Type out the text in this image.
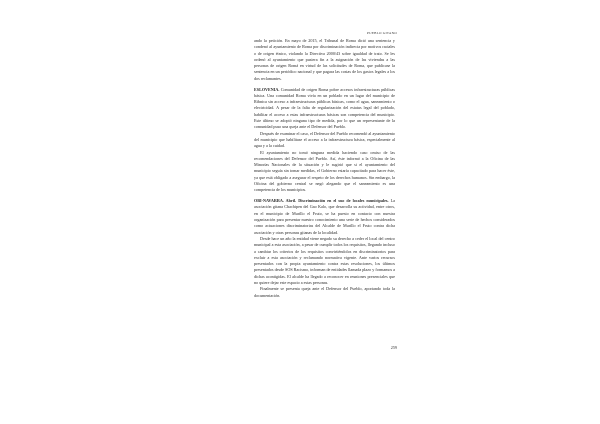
PUEBLO GITANO

ando la petición. En mayo de 2015, el Tribunal de Roma dictó una sentencia y condenó al ayuntamiento de Roma por discriminación indirecta por motivos raciales o de origen étnico, violando la Directiva 2000/43 sobre igualdad de trato. Se les ordenó al ayuntamiento que pusiera fin a la asignación de las viviendas a las personas de origen Romá en virtud de las solicitudes de Roma, que publicase la sentencia en un periódico nacional y que pagara las costas de los gastos legales a los dos reclamantes.

ESLOVENIA. Comunidad de origen Roma pobre accesos infraestructuras públicas básica. Una comunidad Roma vivía en un poblado en un lugar del municipio de Ribnica sin acceso a infraestructuras públicas básicas, como el agua, saneamiento o electricidad. A pesar de la falta de regularización del estatus legal del poblado, habilitar el acceso a estas infraestructuras básicas son competencia del municipio. Este último se adoptó ninguna tipo de medida, por lo que un representante de la comunidad puso una queja ante el Defensor del Pueblo.

Después de examinar el caso, el Defensor del Pueblo recomendó al ayuntamiento del municipio que habilitase el acceso a la infraestructura básica, especialmente al agua y a la cuidad.

El ayuntamiento no tomó ninguna medida haciendo caso omiso de las recomendaciones del Defensor del Pueblo. Así, éste informó a la Oficina de las Minorías Nacionales de la situación y le sugirió que si el ayuntamiento del municipio seguía sin tomar medidas, el Gobierno estaría capacitado para hacer éste, ya que está obligado a asegurar el respeto de los derechos humanos. Sin embargo, la Oficina del gobierno central se negó alegando que el saneamiento es una competencia de los municipios.

OBI-NAVARRA. Abril. Discriminación en el uso de locales municipales. La asociación gitana Chachipen del Gao Kalo, que desarrolla su actividad, entre otros, en el municipio de Murillo el Fruto, se ha puesto en contacto con nuestra organización para presentar nuestro conocimiento una serie de hechos considerados como actuaciones discriminatorias del Alcalde de Murillo el Fruto contra dicha asociación y otras personas gitanas de la localidad.

Desde hace un año la entidad viene negado su derecho a ceder el local del centro municipal a esta asociación, a pesar de cumplir todos los requisitos, llegando incluso a cambiar los criterios de los requisitos convirtiéndolos en discriminatorios para excluir a esta asociación y reclamando normativa vigente. Ante varios recursos presentados con la propia ayuntamiento contra estas resoluciones, los últimos presentados desde SOS Racismo, informan de entidades llamada plazo y formamos a dichas acontigidas. El alcalde ha llegado a reconocer en reuniones presenciales que no quiere dejar este espacio a estas personas.

Finalmente se presenta queja ante el Defensor del Pueblo, aportando toda la documentación.

259
